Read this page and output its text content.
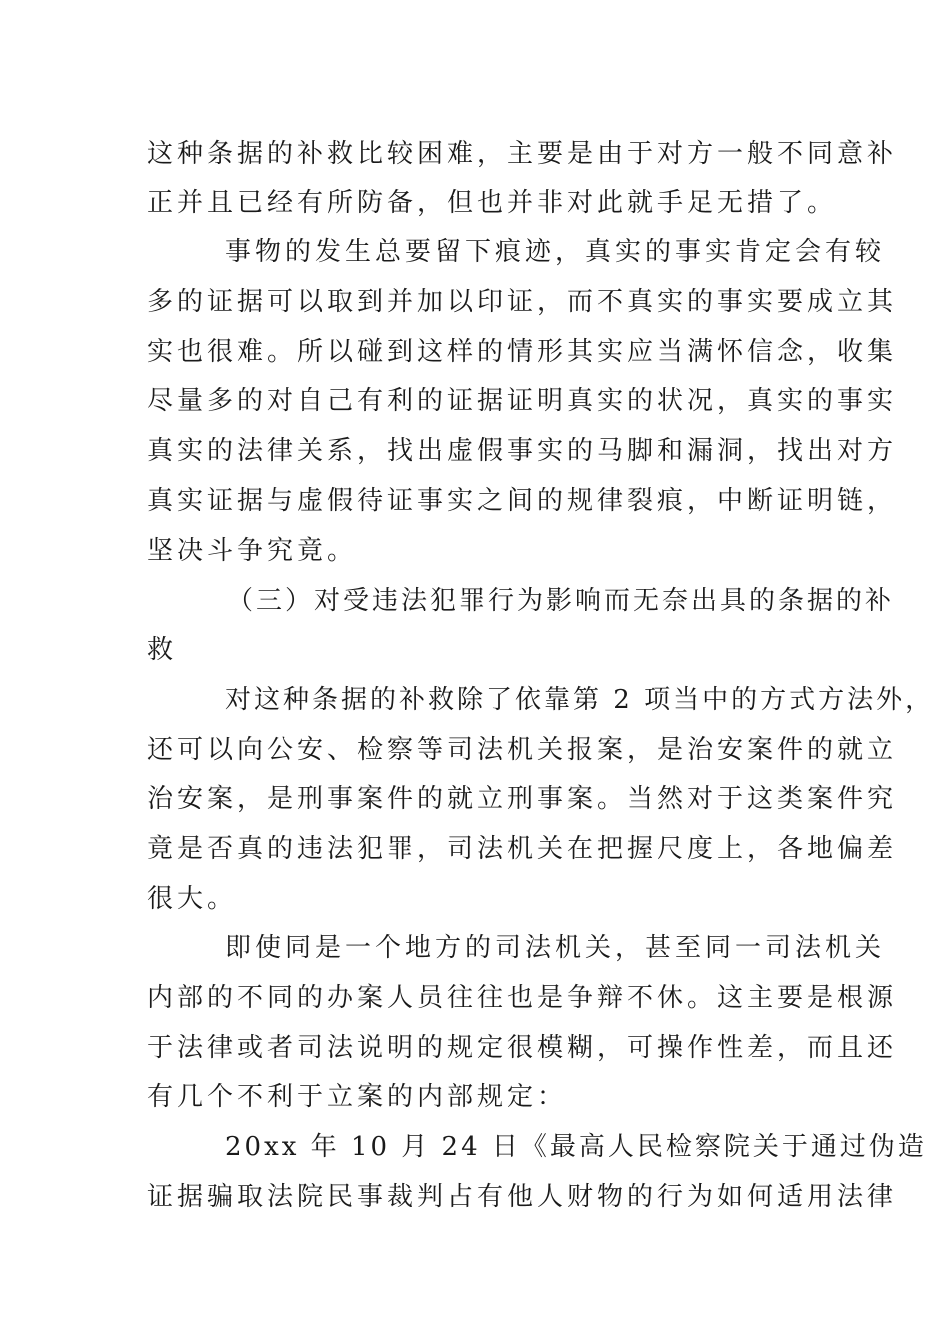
这种条据的补救比较困难，主要是由于对方一般不同意补

正并且已经有所防备，但也并非对此就手足无措了。

事物的发生总要留下痕迹，真实的事实肯定会有较

多的证据可以取到并加以印证，而不真实的事实要成立其

实也很难。所以碰到这样的情形其实应当满怀信念，收集

尽量多的对自己有利的证据证明真实的状况，真实的事实

真实的法律关系，找出虚假事实的马脚和漏洞，找出对方

真实证据与虚假待证事实之间的规律裂痕，中断证明链，

坚决斗争究竟。

（三）对受违法犯罪行为影响而无奈出具的条据的补

救

对这种条据的补救除了依靠第 2 项当中的方式方法外，

还可以向公安、检察等司法机关报案，是治安案件的就立

治安案，是刑事案件的就立刑事案。当然对于这类案件究

竟是否真的违法犯罪，司法机关在把握尺度上，各地偏差

很大。

即使同是一个地方的司法机关，甚至同一司法机关

内部的不同的办案人员往往也是争辩不休。这主要是根源

于法律或者司法说明的规定很模糊，可操作性差，而且还

有几个不利于立案的内部规定：

20xx 年 10 月 24 日《最高人民检察院关于通过伪造

证据骗取法院民事裁判占有他人财物的行为如何适用法律
